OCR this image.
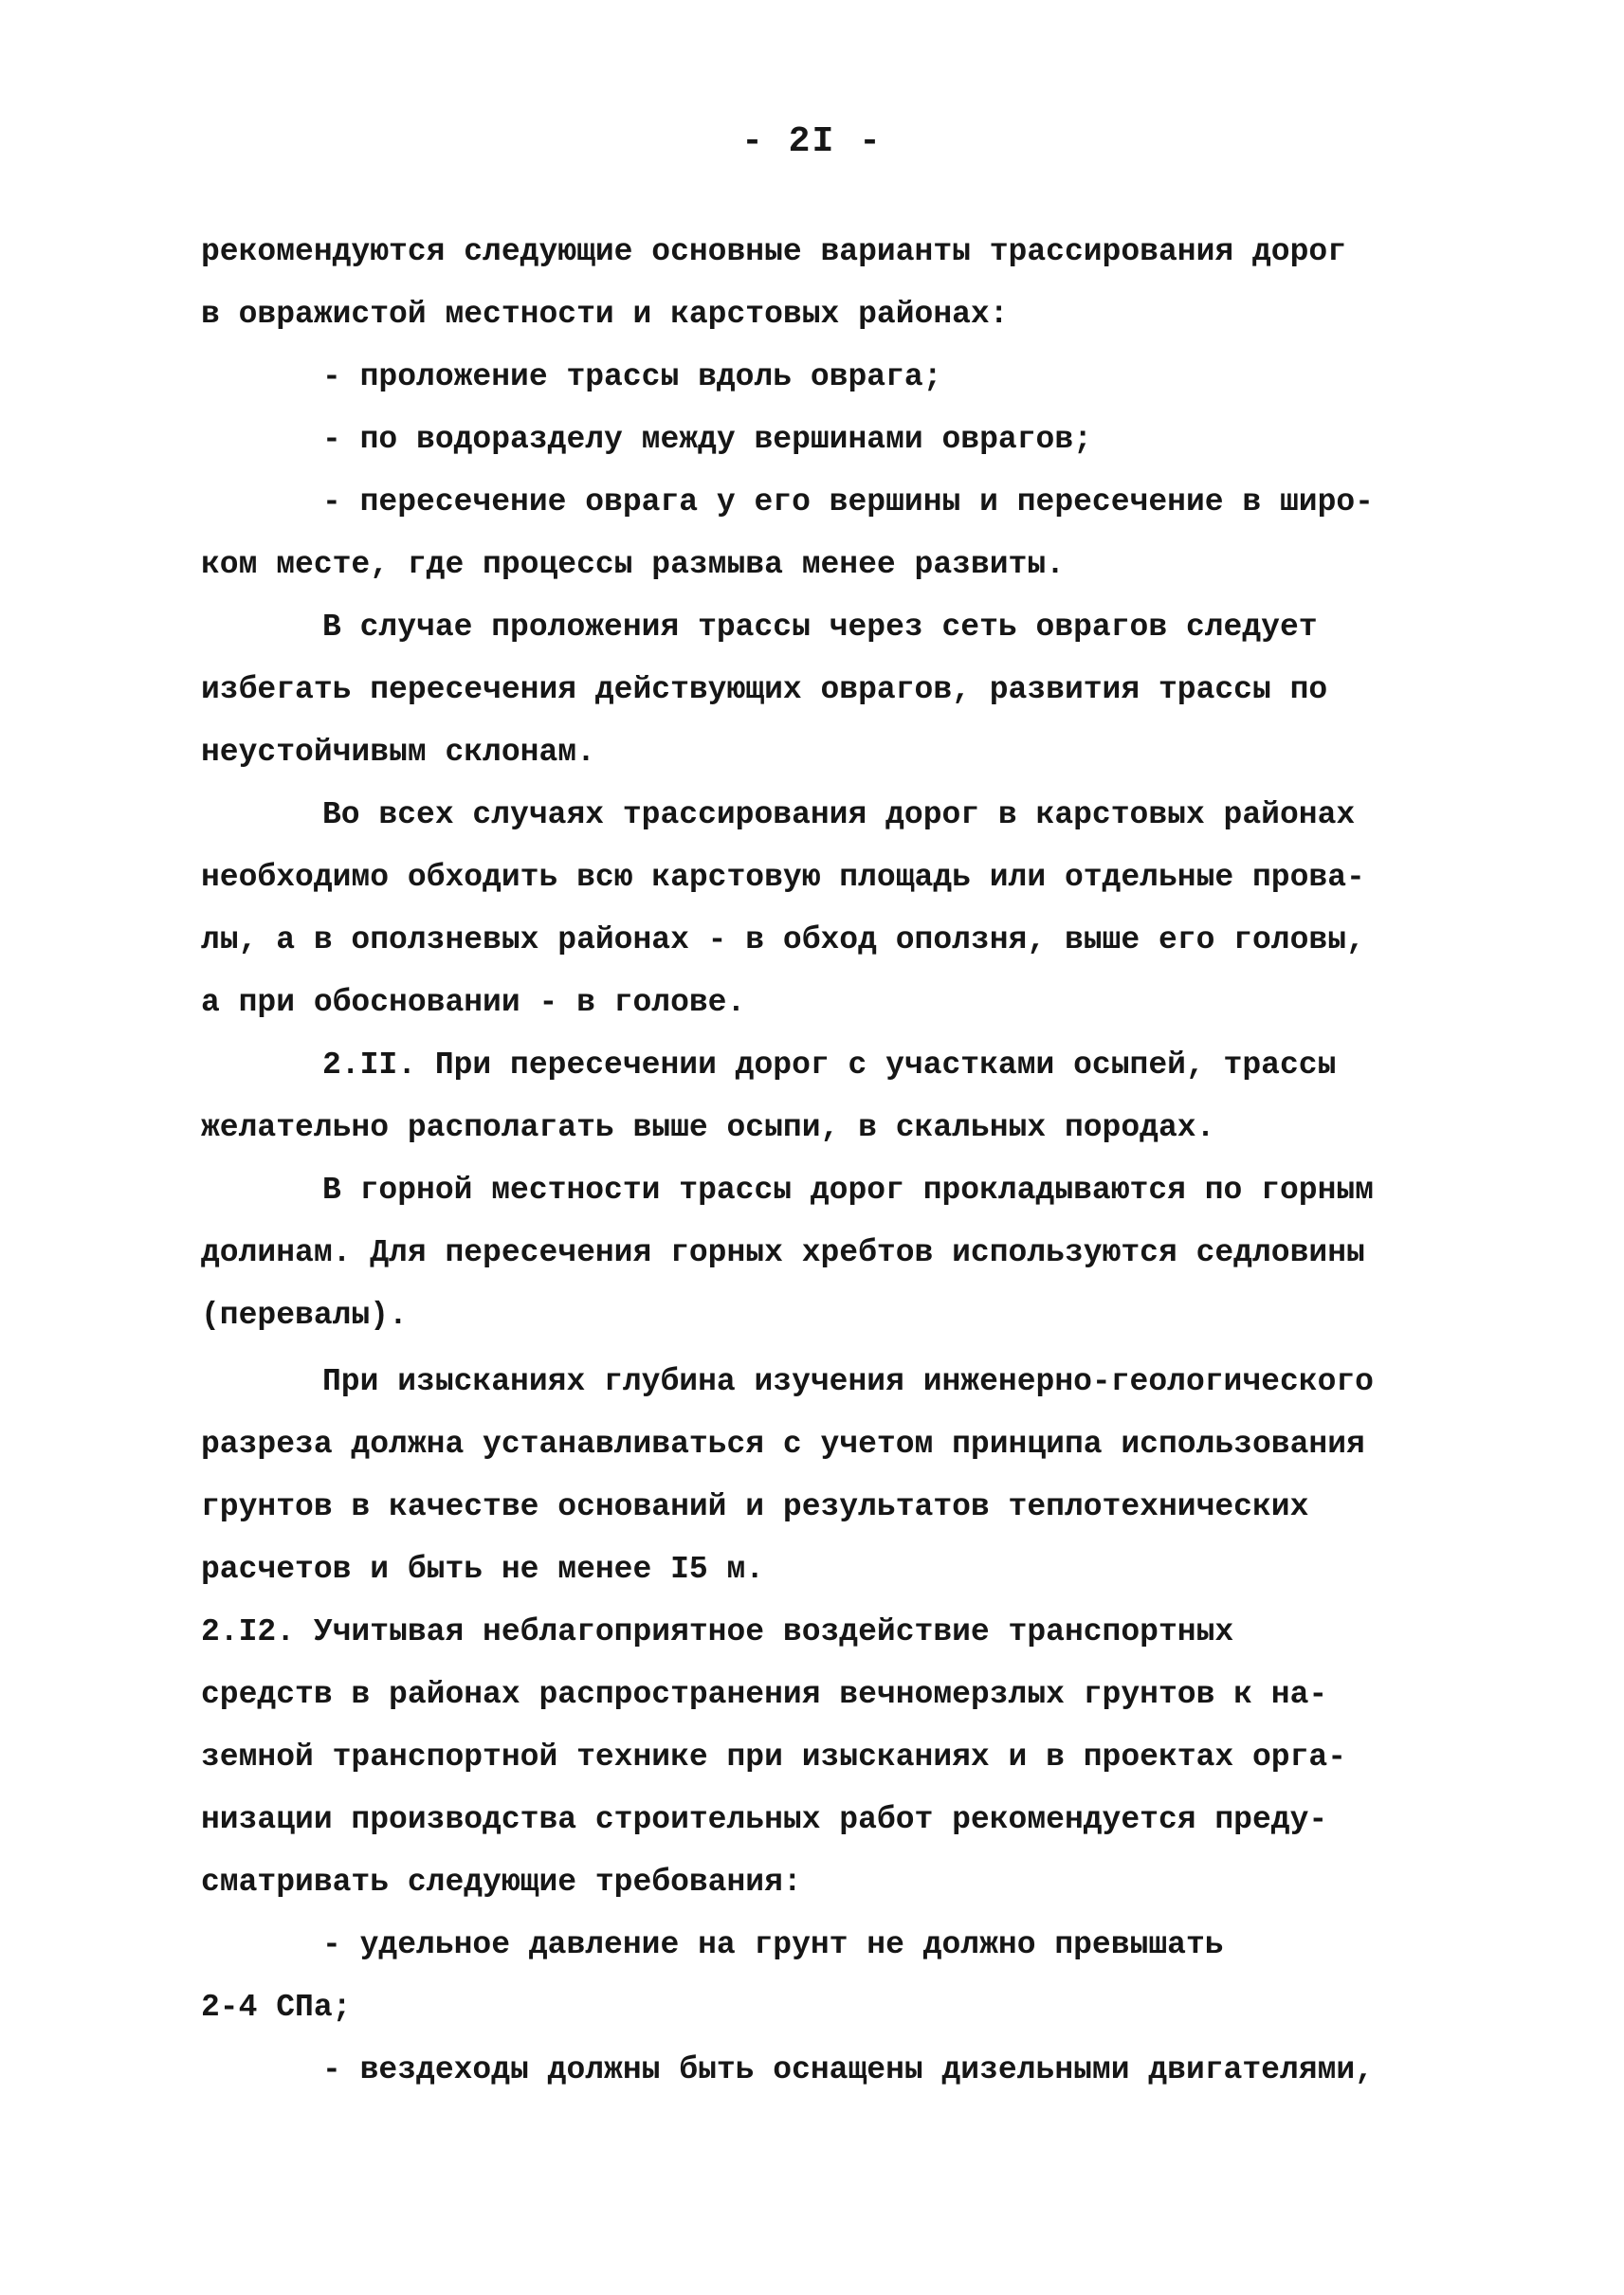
- 2I -
рекомендуются следующие основные варианты трассирования дорог
в овражистой местности и карстовых районах:
- проложение трассы вдоль оврага;
- по водоразделу между вершинами оврагов;
- пересечение оврага у его вершины и пересечение в широ-
ком месте, где процессы размыва менее развиты.
В случае проложения трассы через сеть оврагов следует
избегать пересечения действующих оврагов, развития трассы по
неустойчивым склонам.
Во всех случаях трассирования дорог в карстовых районах
необходимо обходить всю карстовую площадь или отдельные прова-
лы, а в оползневых районах - в обход оползня, выше его головы,
а при обосновании - в голове.
2.II. При пересечении дорог с участками осыпей, трассы
желательно располагать выше осыпи, в скальных породах.
В горной местности трассы дорог прокладываются по горным
долинам. Для пересечения горных хребтов используются седловины
(перевалы).
При изысканиях глубина изучения инженерно-геологического
разреза должна устанавливаться с учетом принципа использования
грунтов в качестве оснований и результатов теплотехнических
расчетов и быть не менее I5 м.
2.I2. Учитывая неблагоприятное воздействие транспортных
средств в районах распространения вечномерзлых грунтов к на-
земной транспортной технике при изысканиях и в проектах орга-
низации производства строительных работ рекомендуется преду-
сматривать следующие требования:
- удельное давление на грунт не должно превышать
2-4 СПа;
- вездеходы должны быть оснащены дизельными двигателями,
